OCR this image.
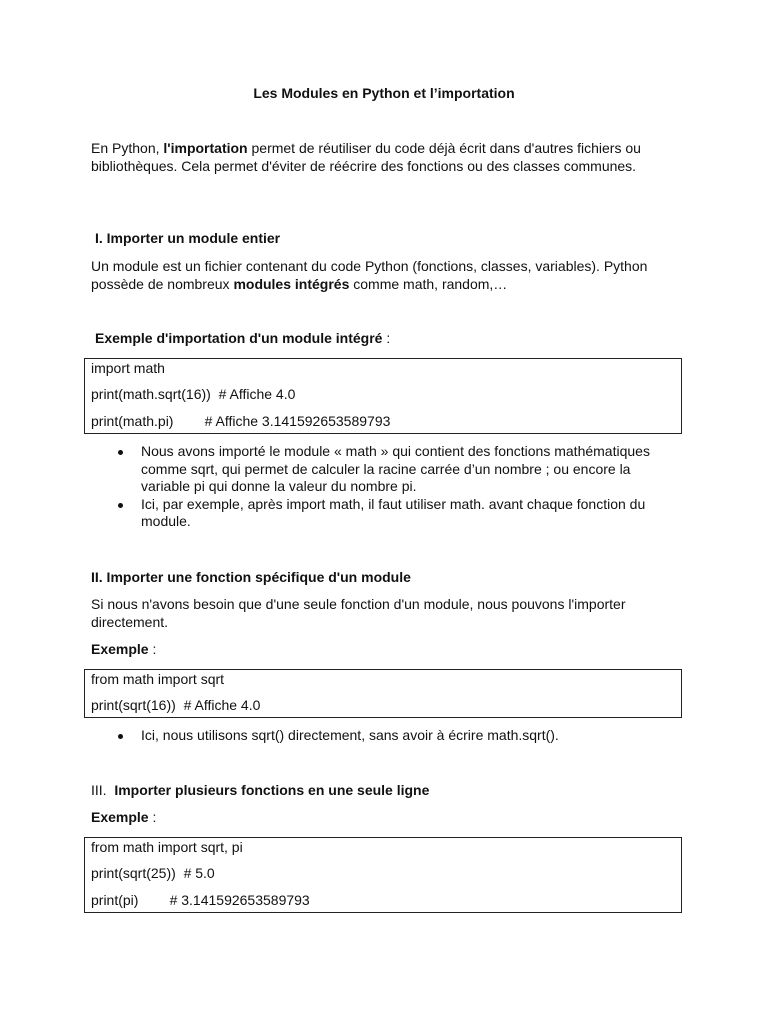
Les Modules en Python et l’importation
En Python, l'importation permet de réutiliser du code déjà écrit dans d'autres fichiers ou bibliothèques. Cela permet d'éviter de réécrire des fonctions ou des classes communes.
I. Importer un module entier
Un module est un fichier contenant du code Python (fonctions, classes, variables). Python possède de nombreux modules intégrés comme math, random,…
Exemple d'importation d'un module intégré :
import math
print(math.sqrt(16))  # Affiche 4.0
print(math.pi)        # Affiche 3.141592653589793
Nous avons importé le module « math » qui contient des fonctions mathématiques comme sqrt, qui permet de calculer la racine carrée d’un nombre ; ou encore la variable pi qui donne la valeur du nombre pi.
Ici, par exemple, après import math, il faut utiliser math. avant chaque fonction du module.
II. Importer une fonction spécifique d'un module
Si nous n'avons besoin que d'une seule fonction d'un module, nous pouvons l'importer directement.
Exemple :
from math import sqrt
print(sqrt(16))  # Affiche 4.0
Ici, nous utilisons sqrt() directement, sans avoir à écrire math.sqrt().
III. Importer plusieurs fonctions en une seule ligne
Exemple :
from math import sqrt, pi
print(sqrt(25))  # 5.0
print(pi)        # 3.141592653589793
